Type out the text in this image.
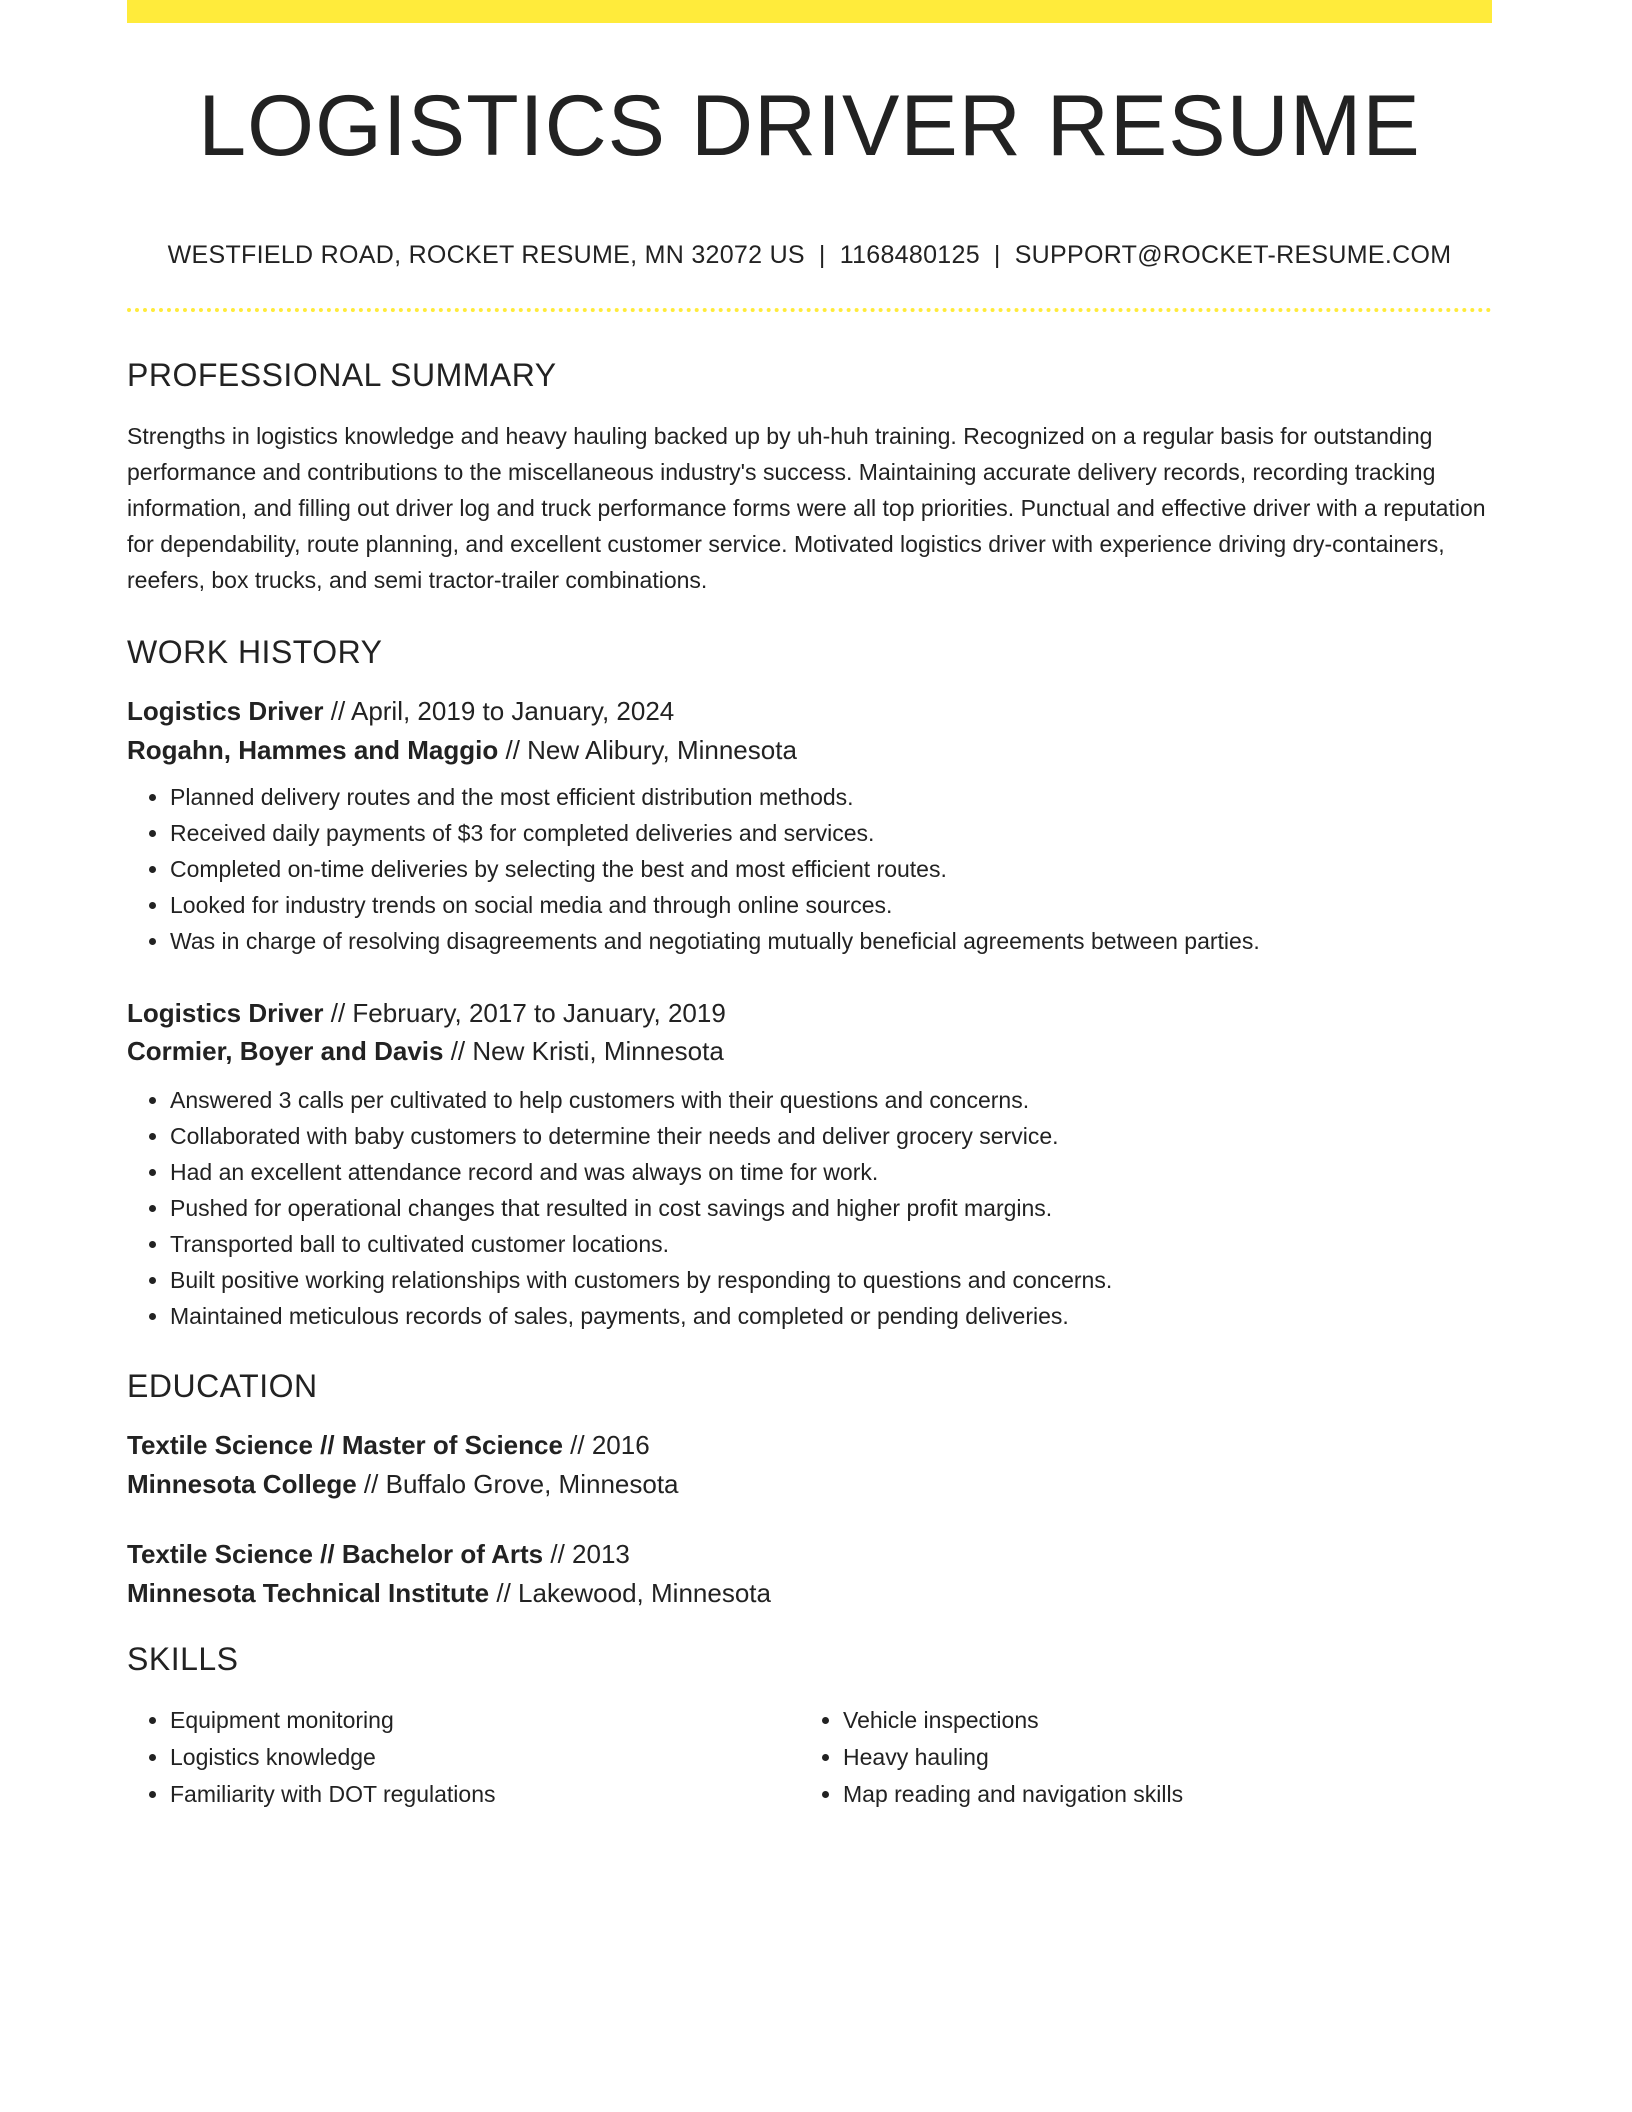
LOGISTICS DRIVER RESUME
WESTFIELD ROAD, ROCKET RESUME, MN 32072 US | 1168480125 | SUPPORT@ROCKET-RESUME.COM
PROFESSIONAL SUMMARY

Strengths in logistics knowledge and heavy hauling backed up by uh-huh training. Recognized on a regular basis for outstanding performance and contributions to the miscellaneous industry's success. Maintaining accurate delivery records, recording tracking information, and filling out driver log and truck performance forms were all top priorities. Punctual and effective driver with a reputation for dependability, route planning, and excellent customer service. Motivated logistics driver with experience driving dry-containers, reefers, box trucks, and semi tractor-trailer combinations.

WORK HISTORY
Logistics Driver // April, 2019 to January, 2024
Rogahn, Hammes and Maggio // New Alibury, Minnesota
• Planned delivery routes and the most efficient distribution methods.
• Received daily payments of $3 for completed deliveries and services.
• Completed on-time deliveries by selecting the best and most efficient routes.
• Looked for industry trends on social media and through online sources.
• Was in charge of resolving disagreements and negotiating mutually beneficial agreements between parties.
Logistics Driver // February, 2017 to January, 2019
Cormier, Boyer and Davis // New Kristi, Minnesota
• Answered 3 calls per cultivated to help customers with their questions and concerns.
• Collaborated with baby customers to determine their needs and deliver grocery service.
• Had an excellent attendance record and was always on time for work.
• Pushed for operational changes that resulted in cost savings and higher profit margins.
• Transported ball to cultivated customer locations.
• Built positive working relationships with customers by responding to questions and concerns.
• Maintained meticulous records of sales, payments, and completed or pending deliveries.
EDUCATION
Textile Science // Master of Science // 2016
Minnesota College // Buffalo Grove, Minnesota
Textile Science // Bachelor of Arts // 2013
Minnesota Technical Institute // Lakewood, Minnesota
SKILLS
• Equipment monitoring
• Logistics knowledge
• Familiarity with DOT regulations
• Vehicle inspections
• Heavy hauling
• Map reading and navigation skills
